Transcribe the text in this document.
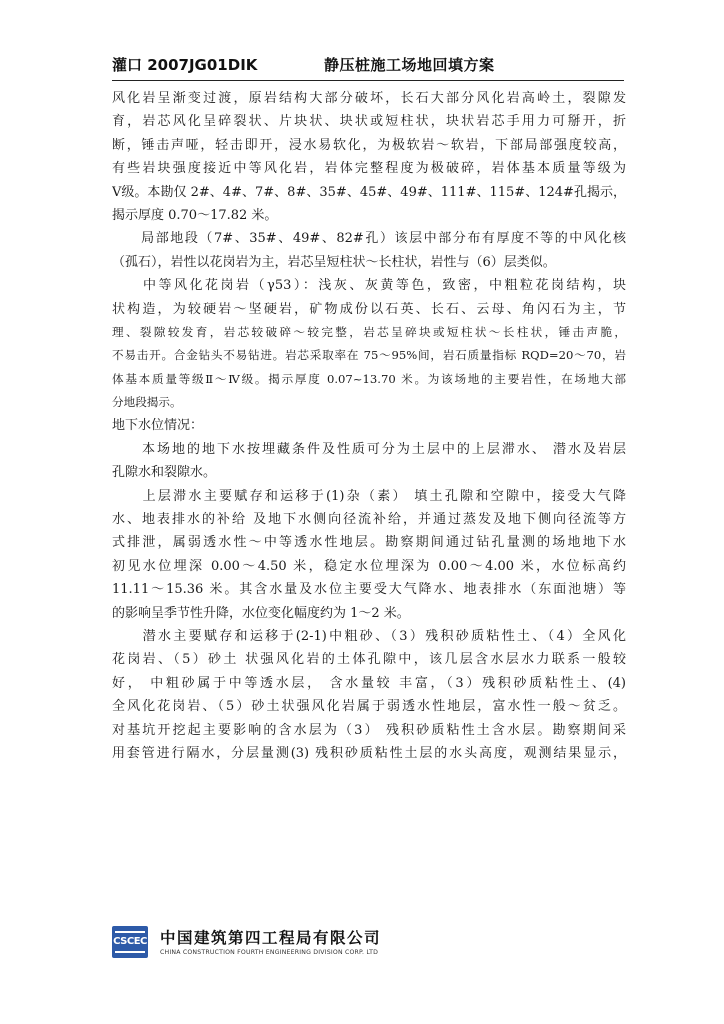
灌口 2007JG01DIK	静压桩施工场地回填方案
风化岩呈渐变过渡，原岩结构大部分破坏，长石大部分风化岩高岭土，裂隙发
育，岩芯风化呈碎裂状、片块状、块状或短柱状，块状岩芯手用力可掰开，折
断，锤击声哑，轻击即开，浸水易软化，为极软岩～软岩，下部局部强度较高，
有些岩块强度接近中等风化岩，岩体完整程度为极破碎，岩体基本质量等级为
Ⅴ级。本勘仅 2#、4#、7#、8#、35#、45#、49#、111#、115#、124#孔揭示，
揭示厚度 0.70～17.82 米。
　　局部地段（7#、35#、49#、82#孔）该层中部分布有厚度不等的中风化核
（孤石），岩性以花岗岩为主，岩芯呈短柱状～长柱状，岩性与（6）层类似。
　　中等风化花岗岩（γ53）：浅灰、灰黄等色，致密，中粗粒花岗结构，块
状构造，为较硬岩～坚硬岩，矿物成份以石英、长石、云母、角闪石为主，节
理、裂隙较发育，岩芯较破碎～较完整，岩芯呈碎块或短柱状～长柱状，锤击声脆，
不易击开。合金钻头不易钻进。岩芯采取率在 75～95%间，岩石质量指标 RQD=20～70，岩
体基本质量等级Ⅱ～Ⅳ级。揭示厚度 0.07~13.70 米。为该场地的主要岩性，在场地大部
分地段揭示。
地下水位情况：
　　本场地的地下水按埋藏条件及性质可分为土层中的上层滞水、 潜水及岩层
孔隙水和裂隙水。
　　上层滞水主要赋存和运移于(1)杂（素） 填土孔隙和空隙中，接受大气降
水、地表排水的补给 及地下水侧向径流补给，并通过蒸发及地下侧向径流等方
式排泄，属弱透水性～中等透水性地层。勘察期间通过钻孔量测的场地地下水
初见水位埋深 0.00～4.50 米，稳定水位埋深为 0.00～4.00 米，水位标高约
11.11～15.36 米。其含水量及水位主要受大气降水、地表排水（东面池塘）等
的影响呈季节性升降，水位变化幅度约为 1～2 米。
　　潜水主要赋存和运移于(2-1)中粗砂、（3）残积砂质粘性土、（4）全风化
花岗岩、（5）砂土 状强风化岩的土体孔隙中，该几层含水层水力联系一般较
好， 中粗砂属于中等透水层， 含水量较 丰富，（3）残积砂质粘性土、(4)
全风化花岗岩、（5）砂土状强风化岩属于弱透水性地层，富水性一般～贫乏。
对基坑开挖起主要影响的含水层为（3） 残积砂质粘性土含水层。勘察期间采
用套管进行隔水，分层量测(3) 残积砂质粘性土层的水头高度，观测结果显示，
CSCEC 中国建筑第四工程局有限公司
CHINA CONSTRUCTION FOURTH ENGINEERING DIVISION CORP. LTD
